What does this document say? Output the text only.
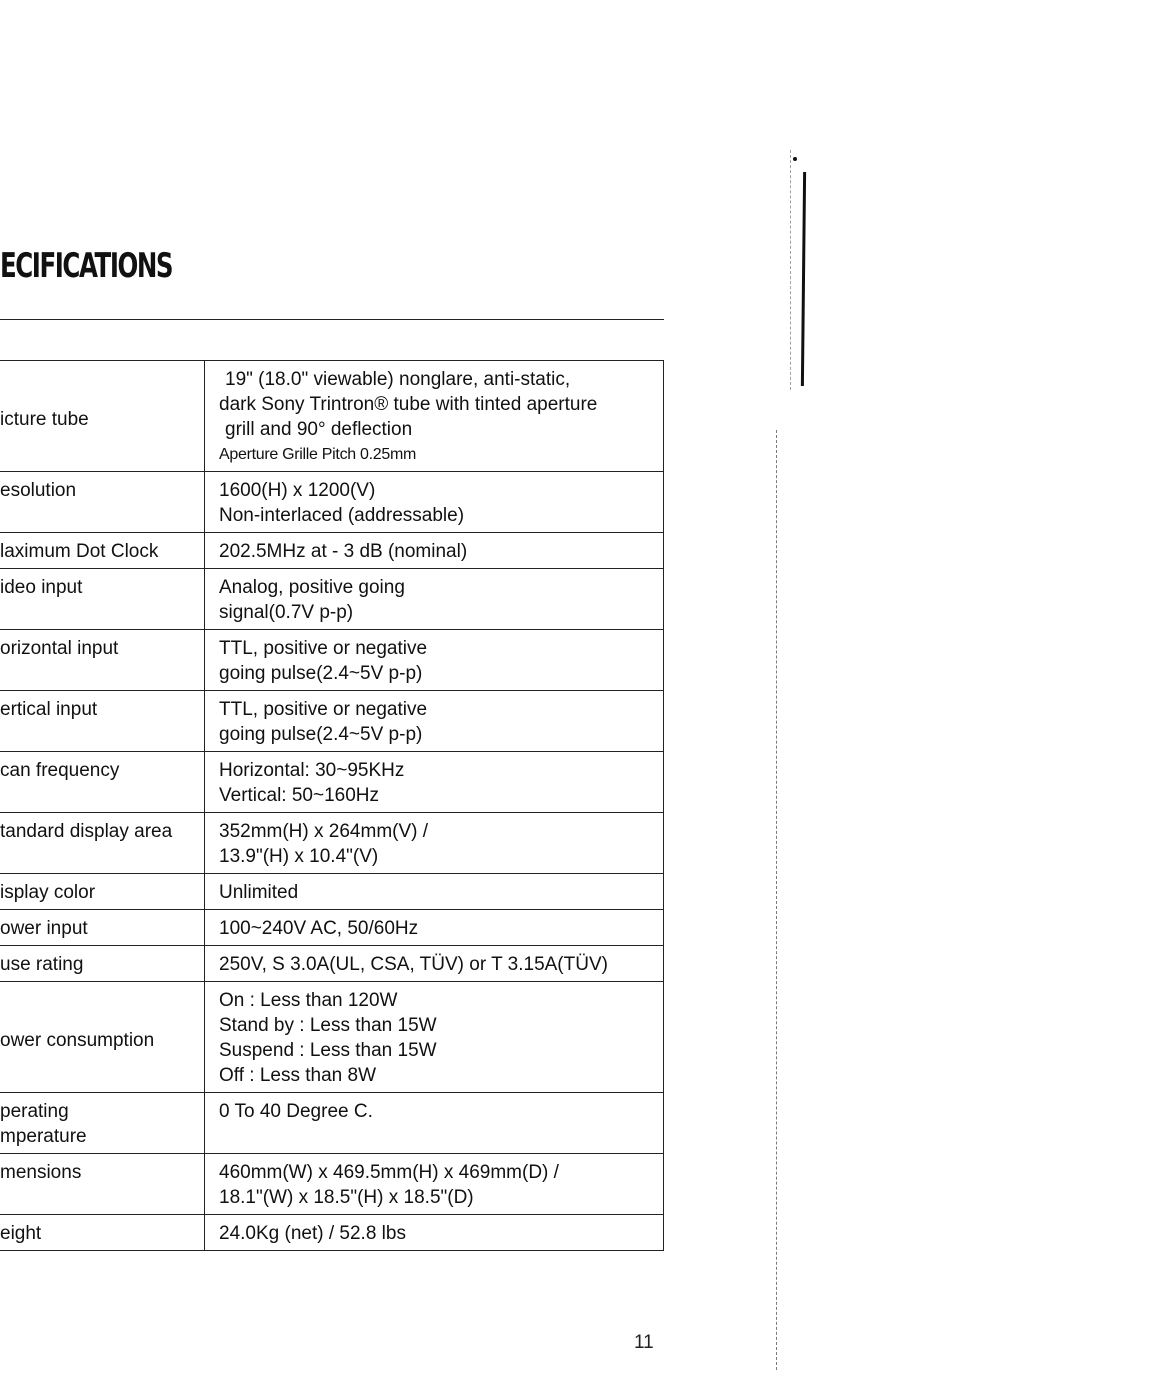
ECIFICATIONS
icture tube	19" (18.0" viewable) nonglare, anti-static,
dark Sony Trintron® tube with tinted aperture
grill and 90° deflection
Aperture Grille Pitch 0.25mm

esolution	1600(H) x 1200(V)
Non-interlaced (addressable)

laximum Dot Clock	202.5MHz at - 3 dB (nominal)

ideo input	Analog, positive going
signal(0.7V p-p)

orizontal input	TTL, positive or negative
going pulse(2.4~5V p-p)

ertical input	TTL, positive or negative
going pulse(2.4~5V p-p)

can frequency	Horizontal: 30~95KHz
Vertical: 50~160Hz

tandard display area	352mm(H) x 264mm(V) /
13.9"(H) x 10.4"(V)

isplay color	Unlimited

ower input	100~240V AC, 50/60Hz

use rating	250V, S 3.0A(UL, CSA, TÜV) or T 3.15A(TÜV)

ower consumption	On : Less than 120W
Stand by : Less than 15W
Suspend : Less than 15W
Off : Less than 8W

perating
mperature	0 To 40 Degree C.

mensions	460mm(W) x 469.5mm(H) x 469mm(D) /
18.1"(W) x 18.5"(H) x 18.5"(D)

eight	24.0Kg (net) / 52.8 lbs
11
